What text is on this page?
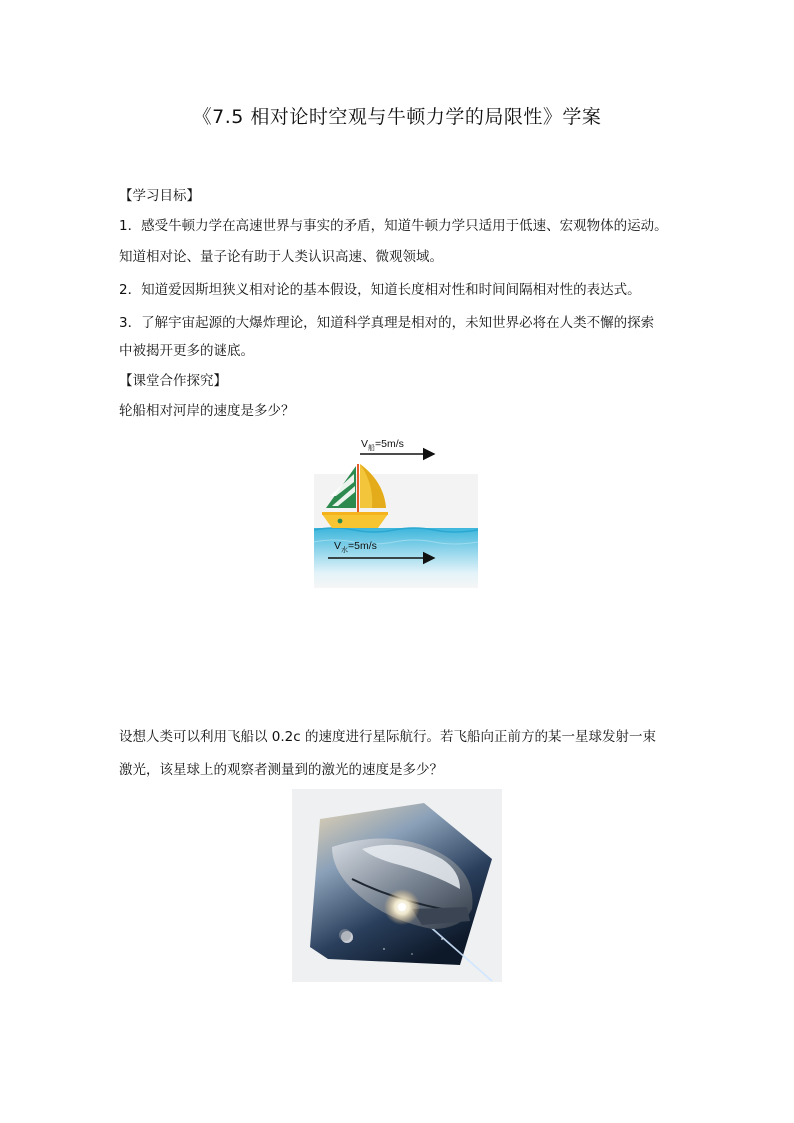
《7.5 相对论时空观与牛顿力学的局限性》学案
【学习目标】
1．感受牛顿力学在高速世界与事实的矛盾，知道牛顿力学只适用于低速、宏观物体的运动。
知道相对论、量子论有助于人类认识高速、微观领域。
2．知道爱因斯坦狭义相对论的基本假设，知道长度相对性和时间间隔相对性的表达式。
3．了解宇宙起源的大爆炸理论，知道科学真理是相对的，未知世界必将在人类不懈的探索
中被揭开更多的谜底。
【课堂合作探究】
轮船相对河岸的速度是多少？
$V_船=5m/s$
$V_水=5m/s$
设想人类可以利用飞船以 0.2c 的速度进行星际航行。若飞船向正前方的某一星球发射一束
激光，该星球上的观察者测量到的激光的速度是多少？
